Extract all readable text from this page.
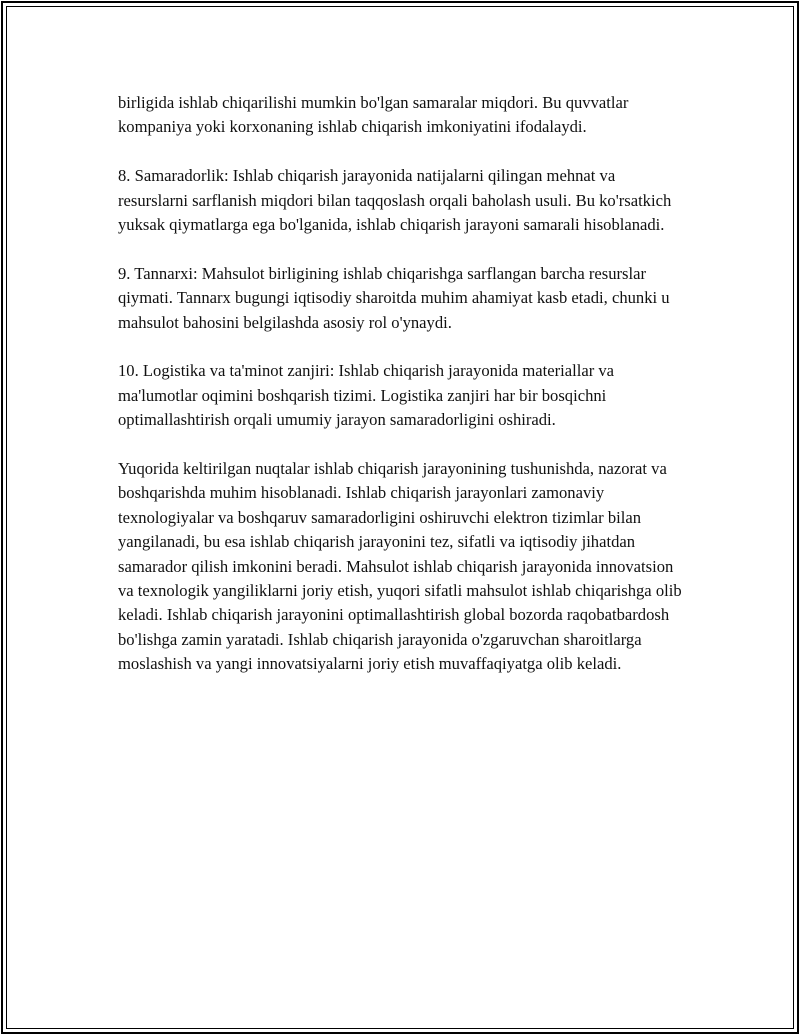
birligida ishlab chiqarilishi mumkin bo'lgan samaralar miqdori. Bu quvvatlar kompaniya yoki korxonaning ishlab chiqarish imkoniyatini ifodalaydi.

8. Samaradorlik: Ishlab chiqarish jarayonida natijalarni qilingan mehnat va resurslarni sarflanish miqdori bilan taqqoslash orqali baholash usuli. Bu ko'rsatkich yuksak qiymatlarga ega bo'lganida, ishlab chiqarish jarayoni samarali hisoblanadi.

9. Tannarxi: Mahsulot birligining ishlab chiqarishga sarflangan barcha resurslar qiymati. Tannarx bugungi iqtisodiy sharoitda muhim ahamiyat kasb etadi, chunki u mahsulot bahosini belgilashda asosiy rol o'ynaydi.

10. Logistika va ta'minot zanjiri: Ishlab chiqarish jarayonida materiallar va ma'lumotlar oqimini boshqarish tizimi. Logistika zanjiri har bir bosqichni optimallashtirish orqali umumiy jarayon samaradorligini oshiradi.

Yuqorida keltirilgan nuqtalar ishlab chiqarish jarayonining tushunishda, nazorat va boshqarishda muhim hisoblanadi. Ishlab chiqarish jarayonlari zamonaviy texnologiyalar va boshqaruv samaradorligini oshiruvchi elektron tizimlar bilan yangilanadi, bu esa ishlab chiqarish jarayonini tez, sifatli va iqtisodiy jihatdan samarador qilish imkonini beradi. Mahsulot ishlab chiqarish jarayonida innovatsion va texnologik yangiliklarni joriy etish, yuqori sifatli mahsulot ishlab chiqarishga olib keladi. Ishlab chiqarish jarayonini optimallashtirish global bozorda raqobatbardosh bo'lishga zamin yaratadi. Ishlab chiqarish jarayonida o'zgaruvchan sharoitlarga moslashish va yangi innovatsiyalarni joriy etish muvaffaqiyatga olib keladi.
